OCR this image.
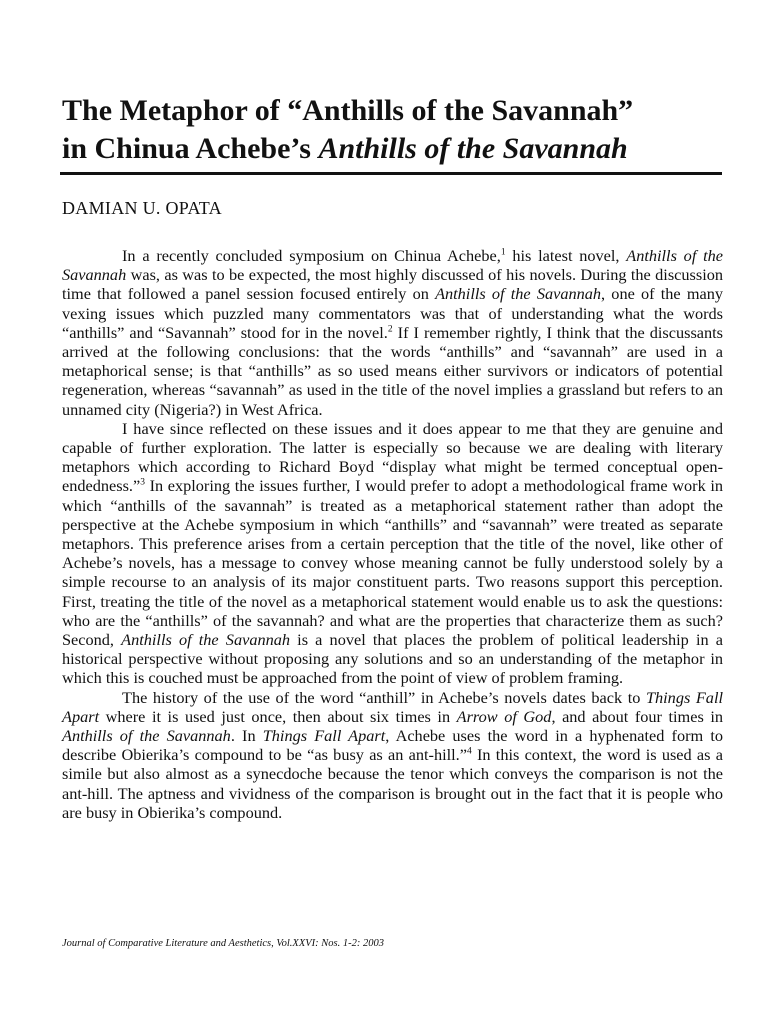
The Metaphor of “Anthills of the Savannah”
in Chinua Achebe’s Anthills of the Savannah
DAMIAN U. OPATA

In a recently concluded symposium on Chinua Achebe,$^1$ his latest novel, Anthills of the Savannah was, as was to be expected, the most highly discussed of his novels. During the discussion time that followed a panel session focused entirely on Anthills of the Savannah, one of the many vexing issues which puzzled many commentators was that of understanding what the words “anthills” and “Savannah” stood for in the novel.$^2$ If I remember rightly, I think that the discussants arrived at the following conclusions: that the words “anthills” and “savannah” are used in a metaphorical sense; is that “anthills” as so used means either survivors or indicators of potential regeneration, whereas “savannah” as used in the title of the novel implies a grassland but refers to an unnamed city (Nigeria?) in West Africa.

I have since reflected on these issues and it does appear to me that they are genuine and capable of further exploration. The latter is especially so because we are dealing with literary metaphors which according to Richard Boyd “display what might be termed conceptual open-endedness.”$^3$ In exploring the issues further, I would prefer to adopt a methodological frame work in which “anthills of the savannah” is treated as a metaphorical statement rather than adopt the perspective at the Achebe symposium in which “anthills” and “savannah” were treated as separate metaphors. This preference arises from a certain perception that the title of the novel, like other of Achebe’s novels, has a message to convey whose meaning cannot be fully understood solely by a simple recourse to an analysis of its major constituent parts. Two reasons support this perception. First, treating the title of the novel as a metaphorical statement would enable us to ask the questions: who are the “anthills” of the savannah? and what are the properties that characterize them as such? Second, Anthills of the Savannah is a novel that places the problem of political leadership in a historical perspective without proposing any solutions and so an understanding of the metaphor in which this is couched must be approached from the point of view of problem framing.

The history of the use of the word “anthill” in Achebe’s novels dates back to Things Fall Apart where it is used just once, then about six times in Arrow of God, and about four times in Anthills of the Savannah. In Things Fall Apart, Achebe uses the word in a hyphenated form to describe Obierika’s compound to be “as busy as an ant-hill.”$^4$ In this context, the word is used as a simile but also almost as a synecdoche because the tenor which conveys the comparison is not the ant-hill. The aptness and vividness of the comparison is brought out in the fact that it is people who are busy in Obierika’s compound.

Journal of Comparative Literature and Aesthetics, Vol.XXVI: Nos. 1-2: 2003
